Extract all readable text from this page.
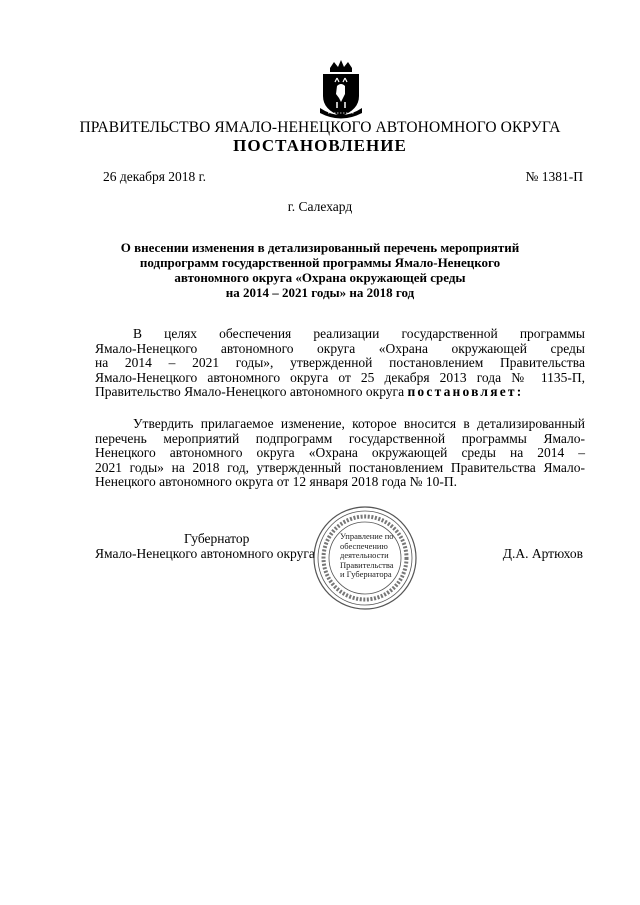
ПРАВИТЕЛЬСТВО ЯМАЛО-НЕНЕЦКОГО АВТОНОМНОГО ОКРУГА
ПОСТАНОВЛЕНИЕ
26 декабря 2018 г.	№ 1381-П
г. Салехард
О внесении изменения в детализированный перечень мероприятий
подпрограмм государственной программы Ямало-Ненецкого
автономного округа «Охрана окружающей среды
на 2014 – 2021 годы» на 2018 год
В целях обеспечения реализации государственной программы
Ямало-Ненецкого автономного округа «Охрана окружающей среды
на 2014 – 2021 годы», утвержденной постановлением Правительства
Ямало-Ненецкого автономного округа от 25 декабря 2013 года № 1135-П,
Правительство Ямало-Ненецкого автономного округа постановляет:
Утвердить прилагаемое изменение, которое вносится в детализированный
перечень мероприятий подпрограмм государственной программы Ямало-
Ненецкого автономного округа «Охрана окружающей среды на 2014 –
2021 годы» на 2018 год, утвержденный постановлением Правительства Ямало-
Ненецкого автономного округа от 12 января 2018 года № 10-П.
Губернатор
Ямало-Ненецкого автономного округа	Д.А. Артюхов
Управление по
обеспечению
деятельности
Правительства
и Губернатора
